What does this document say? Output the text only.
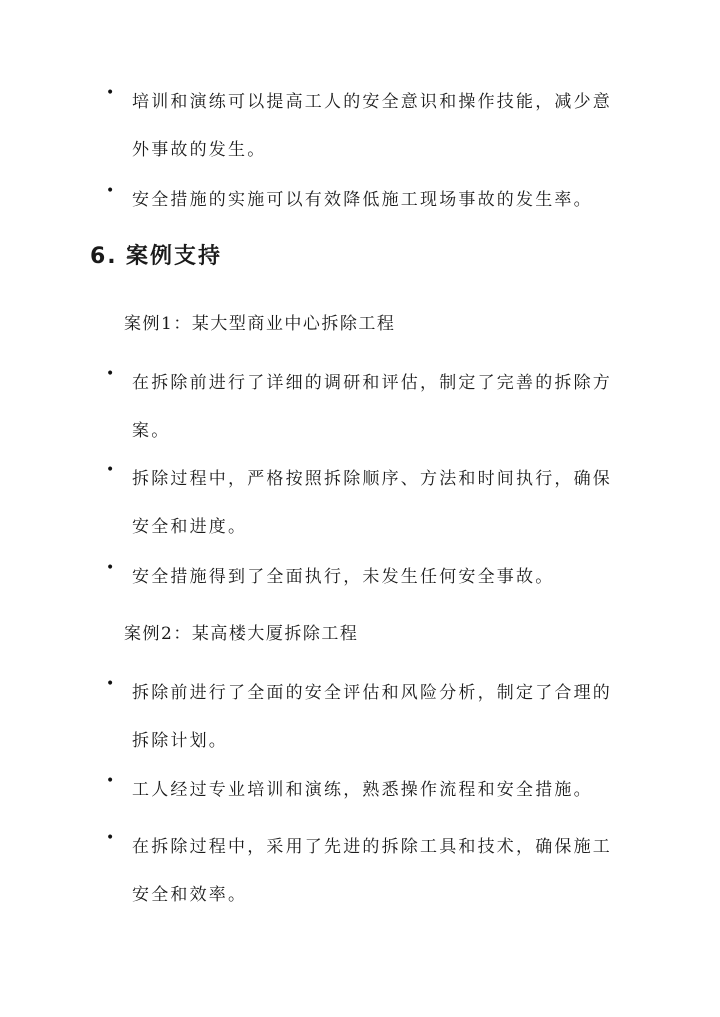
• 培训和演练可以提高工人的安全意识和操作技能，减少意外事故的发生。
• 安全措施的实施可以有效降低施工现场事故的发生率。
6. 案例支持
案例1：某大型商业中心拆除工程
• 在拆除前进行了详细的调研和评估，制定了完善的拆除方案。
• 拆除过程中，严格按照拆除顺序、方法和时间执行，确保安全和进度。
• 安全措施得到了全面执行，未发生任何安全事故。
案例2：某高楼大厦拆除工程
• 拆除前进行了全面的安全评估和风险分析，制定了合理的拆除计划。
• 工人经过专业培训和演练，熟悉操作流程和安全措施。
• 在拆除过程中，采用了先进的拆除工具和技术，确保施工安全和效率。
